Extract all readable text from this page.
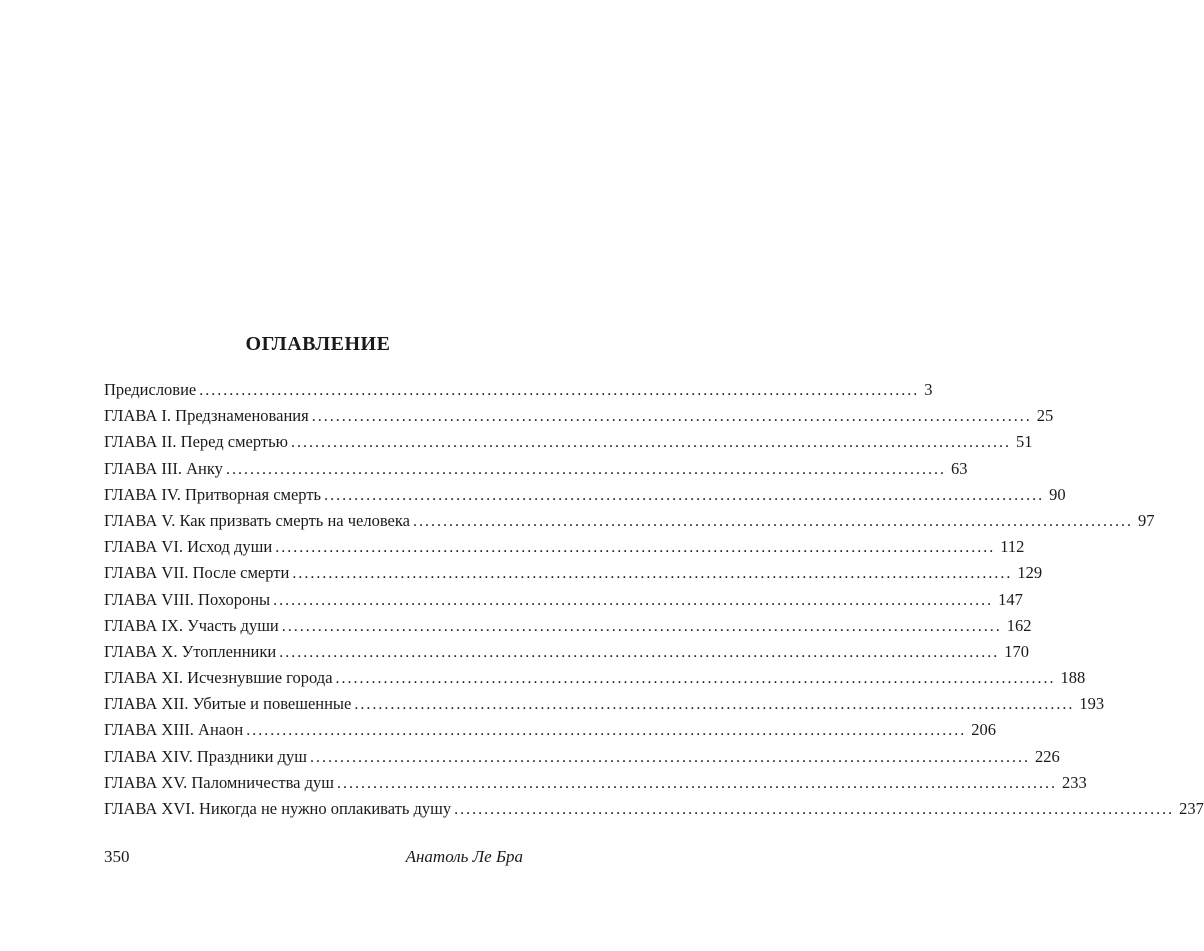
ОГЛАВЛЕНИЕ
Предисловие ........................................................................................................................ 3
ГЛАВА I. Предзнаменования ........................................................................................................................ 25
ГЛАВА II. Перед смертью ........................................................................................................................ 51
ГЛАВА III. Анку ........................................................................................................................ 63
ГЛАВА IV. Притворная смерть ........................................................................................................................ 90
ГЛАВА V. Как призвать смерть на человека ........................................................................................................................ 97
ГЛАВА VI. Исход души ........................................................................................................................ 112
ГЛАВА VII. После смерти ........................................................................................................................ 129
ГЛАВА VIII. Похороны ........................................................................................................................ 147
ГЛАВА IX. Участь души ........................................................................................................................ 162
ГЛАВА X. Утопленники ........................................................................................................................ 170
ГЛАВА XI. Исчезнувшие города ........................................................................................................................ 188
ГЛАВА XII. Убитые и повешенные ........................................................................................................................ 193
ГЛАВА XIII. Анаон ........................................................................................................................ 206
ГЛАВА XIV. Праздники душ ........................................................................................................................ 226
ГЛАВА XV. Паломничества душ ........................................................................................................................ 233
ГЛАВА XVI. Никогда не нужно оплакивать душу ........................................................................................................................ 237
350	Анатоль Ле Бра
